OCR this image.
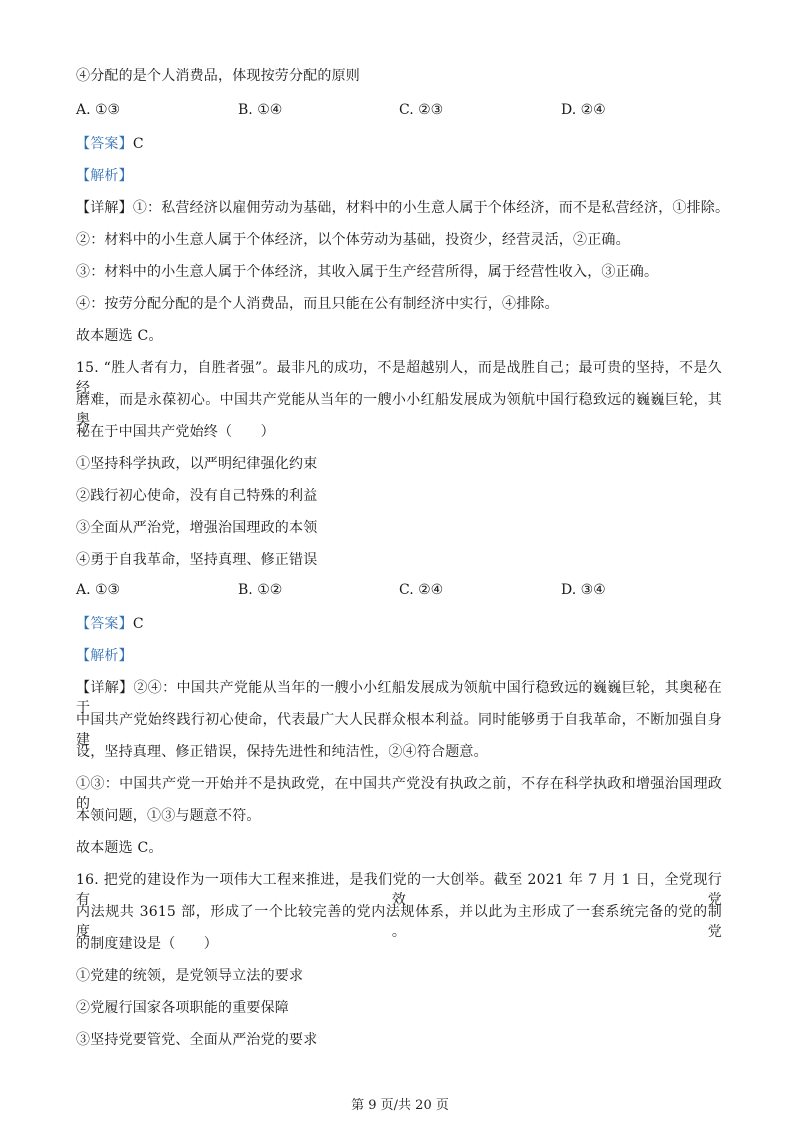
④分配的是个人消费品，体现按劳分配的原则
A. ①③	B. ①④	C. ②③	D. ②④
【答案】C
【解析】
【详解】①：私营经济以雇佣劳动为基础，材料中的小生意人属于个体经济，而不是私营经济，①排除。
②：材料中的小生意人属于个体经济，以个体劳动为基础，投资少，经营灵活，②正确。
③：材料中的小生意人属于个体经济，其收入属于生产经营所得，属于经营性收入，③正确。
④：按劳分配分配的是个人消费品，而且只能在公有制经济中实行，④排除。
故本题选 C。
15. “胜人者有力，自胜者强”。最非凡的成功，不是超越别人，而是战胜自己；最可贵的坚持，不是久经
磨难，而是永葆初心。中国共产党能从当年的一艘小小红船发展成为领航中国行稳致远的巍巍巨轮，其奥
秘在于中国共产党始终（　　）
①坚持科学执政，以严明纪律强化约束
②践行初心使命，没有自己特殊的利益
③全面从严治党，增强治国理政的本领
④勇于自我革命，坚持真理、修正错误
A. ①③	B. ①②	C. ②④	D. ③④
【答案】C
【解析】
【详解】②④：中国共产党能从当年的一艘小小红船发展成为领航中国行稳致远的巍巍巨轮，其奥秘在于
中国共产党始终践行初心使命，代表最广大人民群众根本利益。同时能够勇于自我革命，不断加强自身建
设，坚持真理、修正错误，保持先进性和纯洁性，②④符合题意。
①③：中国共产党一开始并不是执政党，在中国共产党没有执政之前，不存在科学执政和增强治国理政的
本领问题，①③与题意不符。
故本题选 C。
16. 把党的建设作为一项伟大工程来推进，是我们党的一大创举。截至 2021 年 7 月 1 日，全党现行有效党
内法规共 3615 部，形成了一个比较完善的党内法规体系，并以此为主形成了一套系统完备的党的制度。党
的制度建设是（　　）
①党建的统领，是党领导立法的要求
②党履行国家各项职能的重要保障
③坚持党要管党、全面从严治党的要求
第 9 页/共 20 页
